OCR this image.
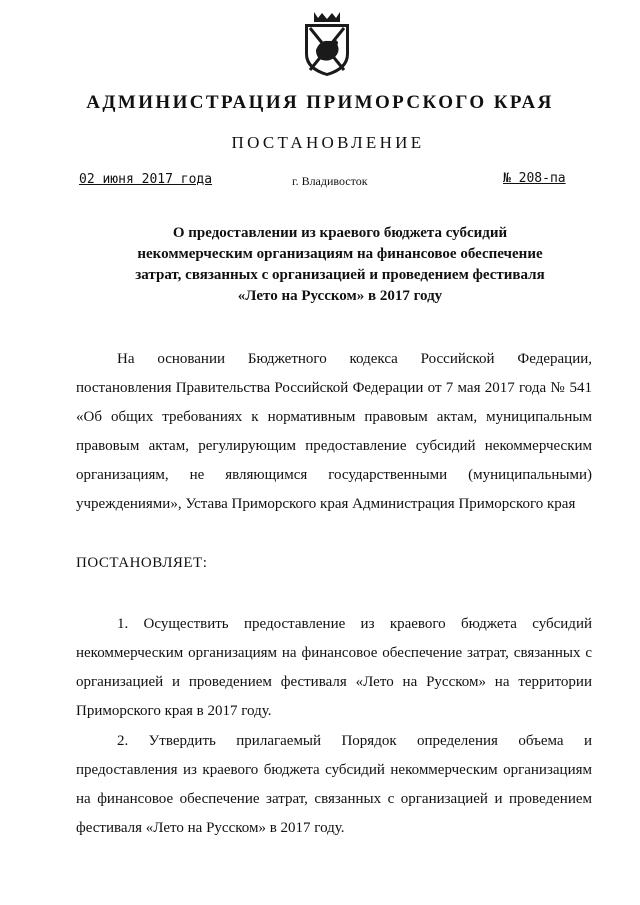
АДМИНИСТРАЦИЯ ПРИМОРСКОГО КРАЯ
ПОСТАНОВЛЕНИЕ
02 июня 2017 года	г. Владивосток	№ 208-па
О предоставлении из краевого бюджета субсидий некоммерческим организациям на финансовое обеспечение затрат, связанных с организацией и проведением фестиваля «Лето на Русском» в 2017 году
На основании Бюджетного кодекса Российской Федерации, постановления Правительства Российской Федерации от 7 мая 2017 года № 541 «Об общих требованиях к нормативным правовым актам, муниципальным правовым актам, регулирующим предоставление субсидий некоммерческим организациям, не являющимся государственными (муниципальными) учреждениями», Устава Приморского края Администрация Приморского края
ПОСТАНОВЛЯЕТ:
1. Осуществить предоставление из краевого бюджета субсидий некоммерческим организациям на финансовое обеспечение затрат, связанных с организацией и проведением фестиваля «Лето на Русском» на территории Приморского края в 2017 году.
2. Утвердить прилагаемый Порядок определения объема и предоставления из краевого бюджета субсидий некоммерческим организациям на финансовое обеспечение затрат, связанных с организацией и проведением фестиваля «Лето на Русском» в 2017 году.
